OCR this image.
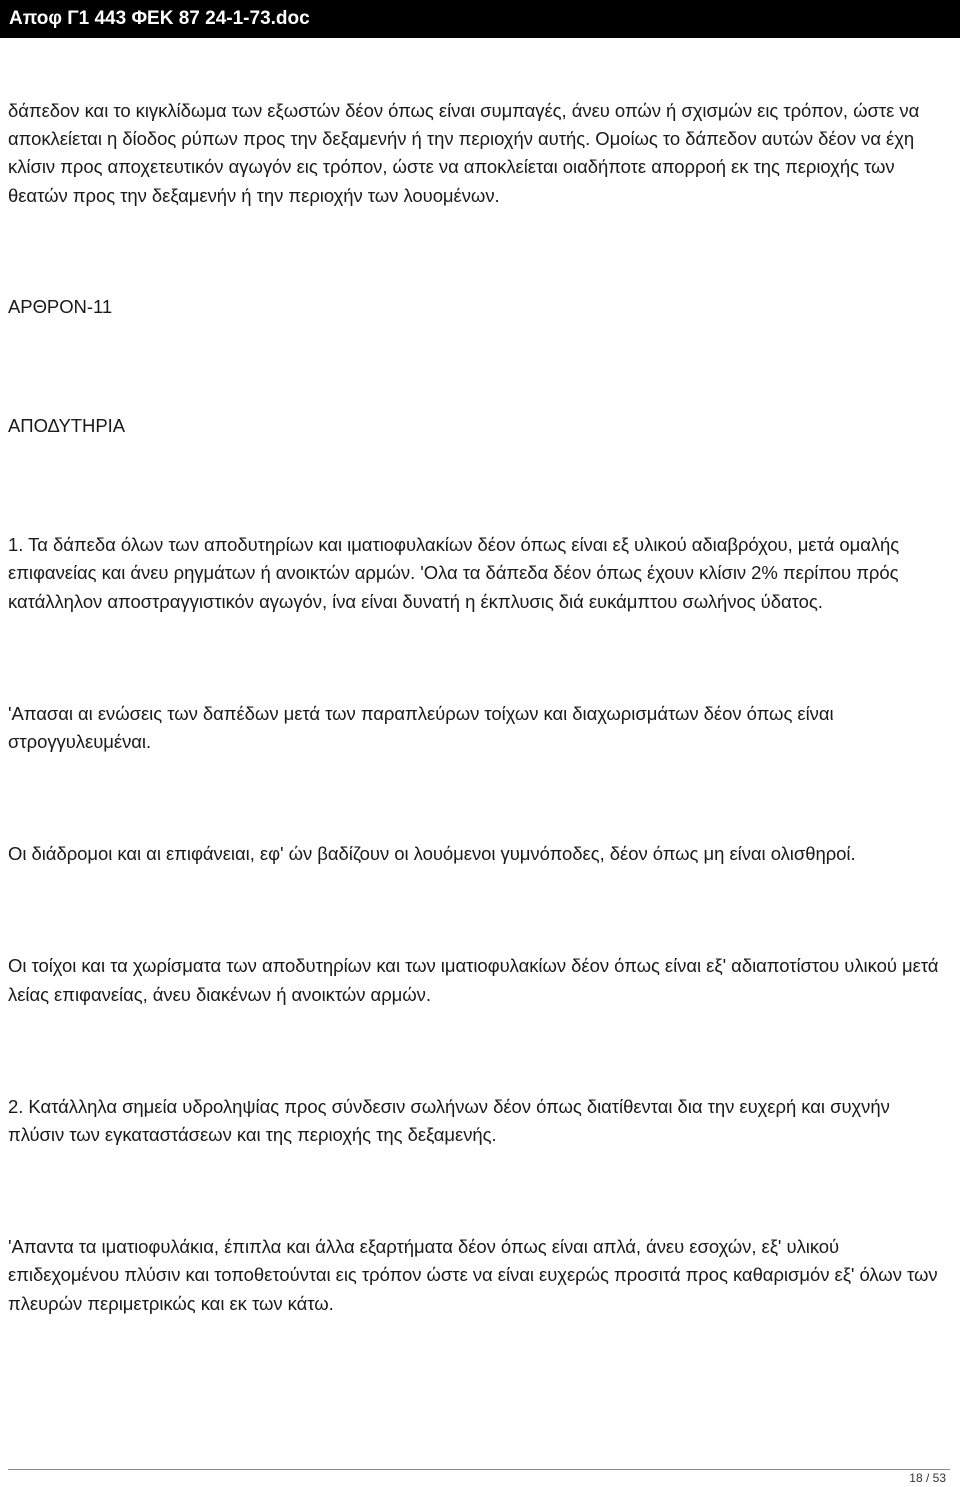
Αποφ Γ1 443 ΦΕΚ 87 24-1-73.doc

δάπεδον και το κιγκλίδωμα των εξωστών δέον όπως είναι συμπαγές, άνευ οπών ή σχισμών εις τρόπον, ώστε να αποκλείεται η δίοδος ρύπων προς την δεξαμενήν ή την περιοχήν αυτής. Ομοίως το δάπεδον αυτών δέον να έχη κλίσιν προς αποχετευτικόν αγωγόν εις τρόπον, ώστε να αποκλείεται οιαδήποτε απορροή εκ της περιοχής των θεατών προς την δεξαμενήν ή την περιοχήν των λουομένων.

ΑΡΘΡΟΝ-11

ΑΠΟΔΥΤΗΡΙΑ

1. Τα δάπεδα όλων των αποδυτηρίων και ιματιοφυλακίων δέον όπως είναι εξ υλικού αδιαβρόχου, μετά ομαλής επιφανείας και άνευ ρηγμάτων ή ανοικτών αρμών. 'Ολα τα δάπεδα δέον όπως έχουν κλίσιν 2% περίπου πρός κατάλληλον αποστραγγιστικόν αγωγόν, ίνα είναι δυνατή η έκπλυσις διά ευκάμπτου σωλήνος ύδατος.

'Απασαι αι ενώσεις των δαπέδων μετά των παραπλεύρων τοίχων και διαχωρισμάτων δέον όπως είναι στρογγυλευμέναι.

Οι διάδρομοι και αι επιφάνειαι, εφ' ών βαδίζουν οι λουόμενοι γυμνόποδες, δέον όπως μη είναι ολισθηροί.

Οι τοίχοι και τα χωρίσματα των αποδυτηρίων και των ιματιοφυλακίων δέον όπως είναι εξ' αδιαποτίστου υλικού μετά λείας επιφανείας, άνευ διακένων ή ανοικτών αρμών.

2. Κατάλληλα σημεία υδροληψίας προς σύνδεσιν σωλήνων δέον όπως διατίθενται δια την ευχερή και συχνήν πλύσιν των εγκαταστάσεων και της περιοχής της δεξαμενής.

'Απαντα τα ιματιοφυλάκια, έπιπλα και άλλα εξαρτήματα δέον όπως είναι απλά, άνευ εσοχών, εξ' υλικού επιδεχομένου πλύσιν και τοποθετούνται εις τρόπον ώστε να είναι ευχερώς προσιτά προς καθαρισμόν εξ' όλων των πλευρών περιμετρικώς και εκ των κάτω.

18 / 53
